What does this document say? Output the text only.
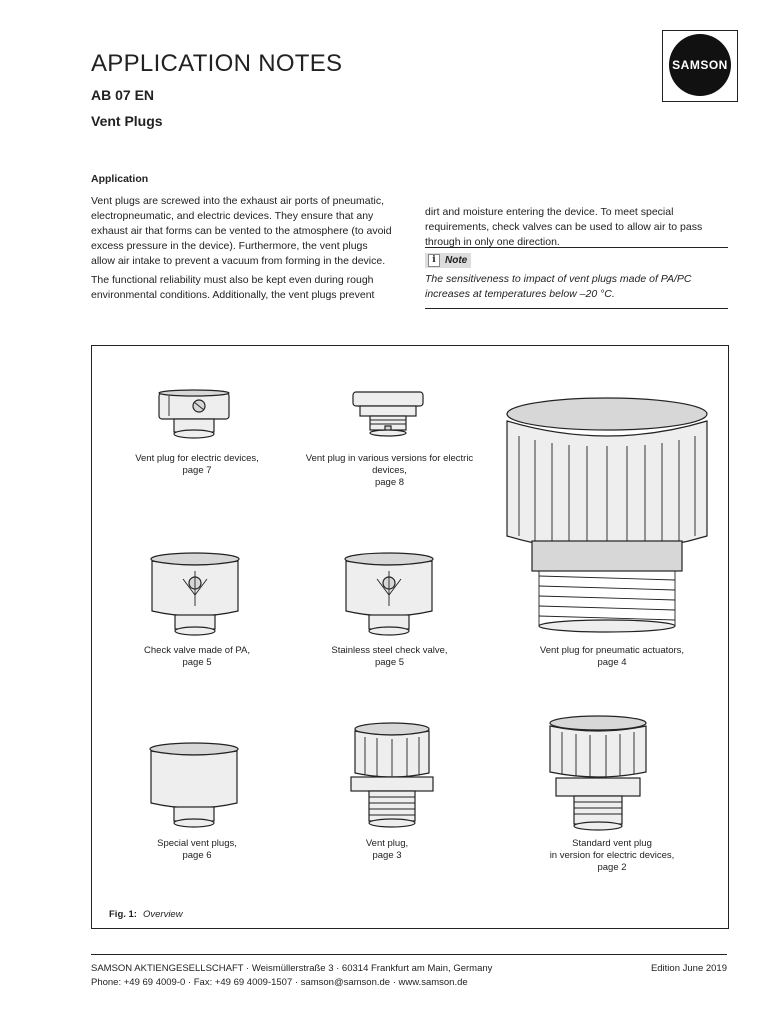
APPLICATION NOTES
AB 07 EN
Vent Plugs
SAMSON
Application

Vent plugs are screwed into the exhaust air ports of pneumatic, electropneumatic, and electric devices. They ensure that any exhaust air that forms can be vented to the atmosphere (to avoid excess pressure in the device). Furthermore, the vent plugs allow air intake to prevent a vacuum from forming in the device.

The functional reliability must also be kept even during rough environmental conditions. Additionally, the vent plugs prevent

dirt and moisture entering the device. To meet special requirements, check valves can be used to allow air to pass through in only one direction.

i Note
The sensitiveness to impact of vent plugs made of PA/PC increases at temperatures below –20 °C.
Vent plug for electric devices,
page 7
Vent plug in various versions for electric devices,
page 8
Vent plug for pneumatic actuators,
page 4
Check valve made of PA,
page 5
Stainless steel check valve,
page 5
Special vent plugs,
page 6
Vent plug,
page 3
Standard vent plug
in version for electric devices,
page 2
Fig. 1: Overview
SAMSON AKTIENGESELLSCHAFT · Weismüllerstraße 3 · 60314 Frankfurt am Main, Germany
Phone: +49 69 4009-0 · Fax: +49 69 4009-1507 · samson@samson.de · www.samson.de
Edition June 2019
